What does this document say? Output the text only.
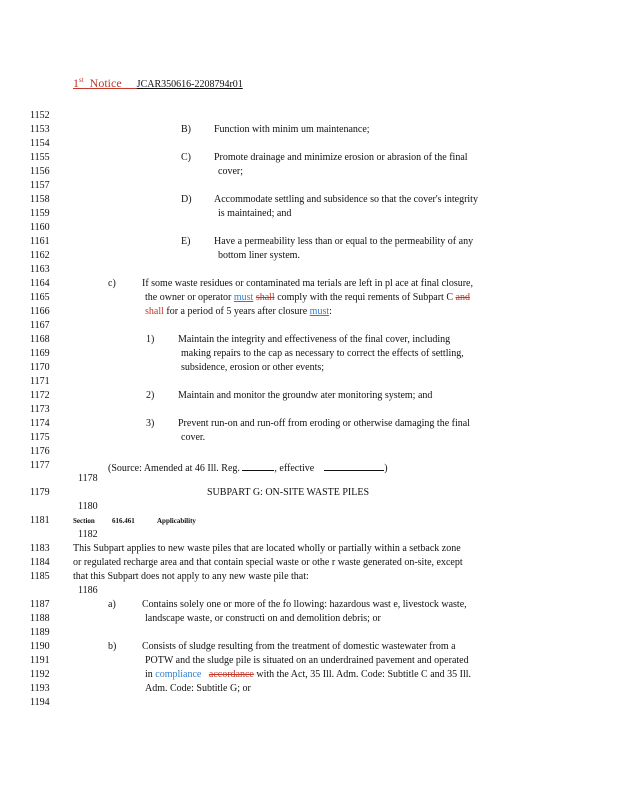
1st Notice JCAR350616-2208794r01
1152
1153
1154
1155
1156
1157
1158
1159
1160
1161
1162
1163
1164
1165
1166
1167
1168
1169
1170
1171
1172
1173
1174
1175
1176
1177
1179
1181
1183
1184
1185
1187
1188
1189
1190
1191
1192
1193
1194
1178
1180
1182
1186
B) Function with minim um maintenance;
C) Promote drainage and minimize erosion or abrasion of the final
cover;
D) Accommodate settling and subsidence so that the cover's integrity
is maintained; and
E) Have a permeability less than or equal to the permeability of any
bottom liner system.
c)	If some waste residues or contaminated ma terials are left in pl ace at final closure,
the owner or operator must shall comply with the requi rements of Subpart C and
shall for a period of 5 years after closure must:
1) Maintain the integrity and effectiveness of the final cover, including
making repairs to the cap as necessary to correct the effects of settling,
subsidence, erosion or other events;
2) Maintain and monitor the groundw ater monitoring system; and
3) Prevent run-on and run-off from eroding or otherwise damaging the final
cover.
(Source: Amended at 46 Ill. Reg.	, effective	)
SUBPART G: ON-SITE WASTE PILES
Section 616.461	Applicability
This Subpart applies to new waste piles that are located wholly or partially within a setback zone
or regulated recharge area and that contain special waste or othe r waste generated on-site, except
that this Subpart does not apply to any new waste pile that:
a)	Contains solely one or more of the fo llowing: hazardous wast e, livestock waste,
landscape waste, or constructi on and demolition debris; or
b)	Consists of sludge resulting from the treatment of domestic wastewater from a
POTW and the sludge pile is situated on an underdrained pavement and operated
in compliance accordance with the Act, 35 Ill. Adm. Code: Subtitle C and 35 Ill.
Adm. Code: Subtitle G; or
